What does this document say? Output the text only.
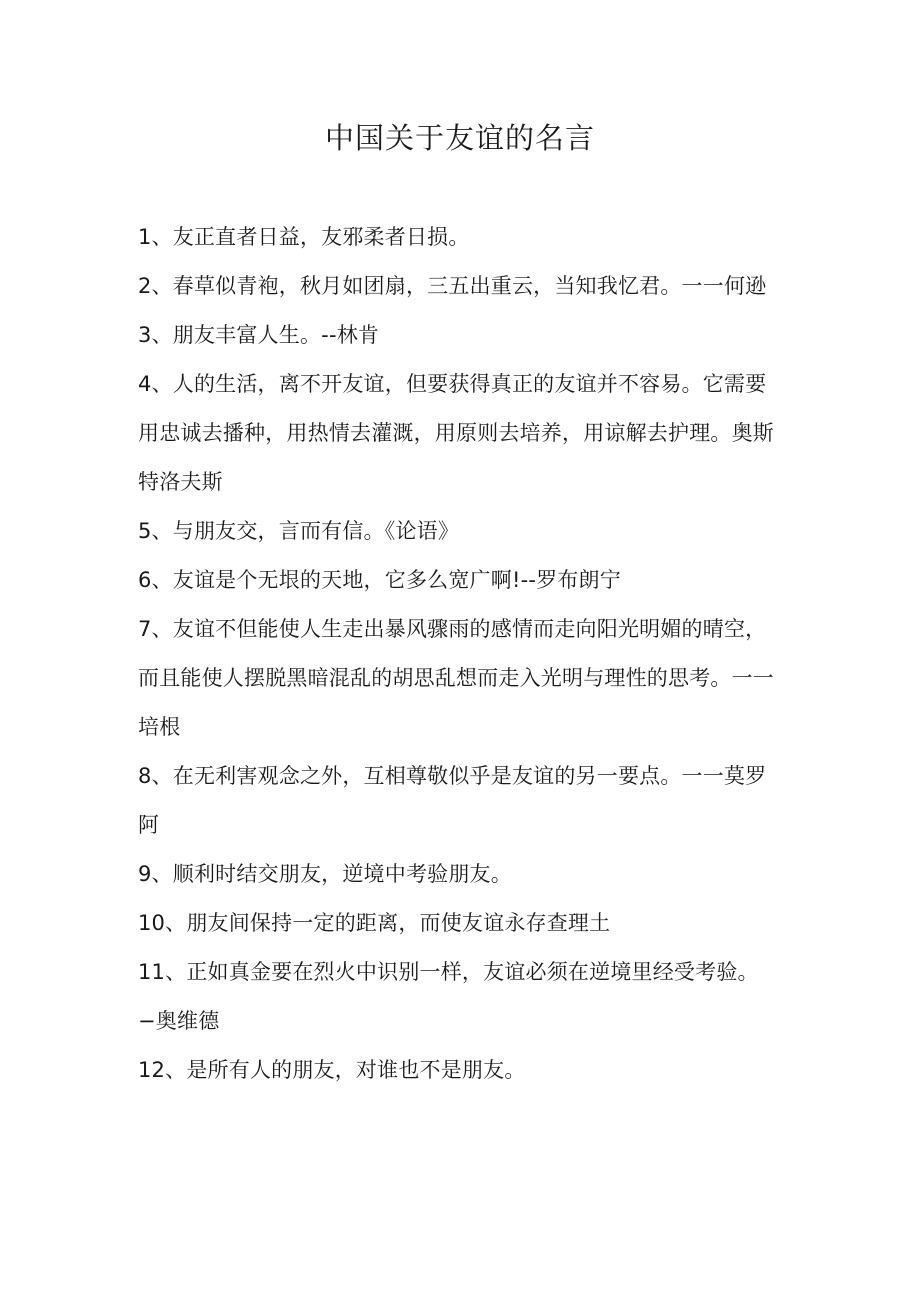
中国关于友谊的名言
1、友正直者日益，友邪柔者日损。
2、春草似青袍，秋月如团扇，三五出重云，当知我忆君。一一何逊
3、朋友丰富人生。--林肯
4、人的生活，离不开友谊，但要获得真正的友谊并不容易。它需要用忠诚去播种，用热情去灌溉，用原则去培养，用谅解去护理。奥斯特洛夫斯
5、与朋友交，言而有信。《论语》
6、友谊是个无垠的天地，它多么宽广啊!--罗布朗宁
7、友谊不但能使人生走出暴风骤雨的感情而走向阳光明媚的晴空，而且能使人摆脱黑暗混乱的胡思乱想而走入光明与理性的思考。一一培根
8、在无利害观念之外，互相尊敬似乎是友谊的另一要点。一一莫罗阿
9、顺利时结交朋友，逆境中考验朋友。
10、朋友间保持一定的距离，而使友谊永存查理土
11、正如真金要在烈火中识别一样，友谊必须在逆境里经受考验。−奥维德
12、是所有人的朋友，对谁也不是朋友。
